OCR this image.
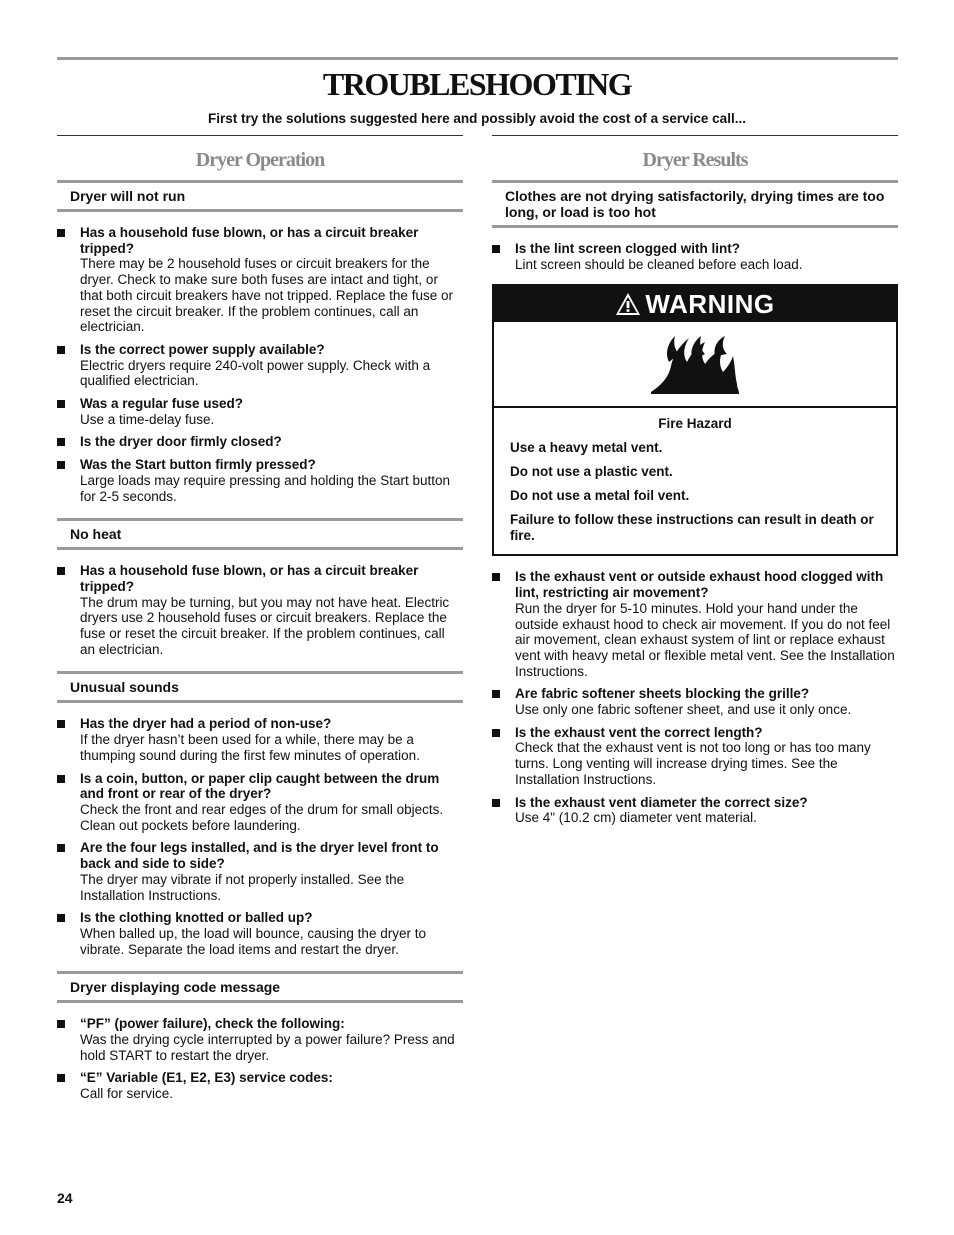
TROUBLESHOOTING
First try the solutions suggested here and possibly avoid the cost of a service call...
Dryer Operation
Dryer will not run
Has a household fuse blown, or has a circuit breaker tripped?
There may be 2 household fuses or circuit breakers for the dryer. Check to make sure both fuses are intact and tight, or that both circuit breakers have not tripped. Replace the fuse or reset the circuit breaker. If the problem continues, call an electrician.
Is the correct power supply available?
Electric dryers require 240-volt power supply. Check with a qualified electrician.
Was a regular fuse used?
Use a time-delay fuse.
Is the dryer door firmly closed?
Was the Start button firmly pressed?
Large loads may require pressing and holding the Start button for 2-5 seconds.
No heat
Has a household fuse blown, or has a circuit breaker tripped?
The drum may be turning, but you may not have heat. Electric dryers use 2 household fuses or circuit breakers. Replace the fuse or reset the circuit breaker. If the problem continues, call an electrician.
Unusual sounds
Has the dryer had a period of non-use?
If the dryer hasn’t been used for a while, there may be a thumping sound during the first few minutes of operation.
Is a coin, button, or paper clip caught between the drum and front or rear of the dryer?
Check the front and rear edges of the drum for small objects. Clean out pockets before laundering.
Are the four legs installed, and is the dryer level front to back and side to side?
The dryer may vibrate if not properly installed. See the Installation Instructions.
Is the clothing knotted or balled up?
When balled up, the load will bounce, causing the dryer to vibrate. Separate the load items and restart the dryer.
Dryer displaying code message
“PF” (power failure), check the following:
Was the drying cycle interrupted by a power failure? Press and hold START to restart the dryer.
“E” Variable (E1, E2, E3) service codes:
Call for service.
Dryer Results
Clothes are not drying satisfactorily, drying times are too long, or load is too hot
Is the lint screen clogged with lint?
Lint screen should be cleaned before each load.
WARNING
Fire Hazard

Use a heavy metal vent.

Do not use a plastic vent.

Do not use a metal foil vent.

Failure to follow these instructions can result in death or fire.

Is the exhaust vent or outside exhaust hood clogged with lint, restricting air movement?
Run the dryer for 5-10 minutes. Hold your hand under the outside exhaust hood to check air movement. If you do not feel air movement, clean exhaust system of lint or replace exhaust vent with heavy metal or flexible metal vent. See the Installation Instructions.
Are fabric softener sheets blocking the grille?
Use only one fabric softener sheet, and use it only once.
Is the exhaust vent the correct length?
Check that the exhaust vent is not too long or has too many turns. Long venting will increase drying times. See the Installation Instructions.
Is the exhaust vent diameter the correct size?
Use 4" (10.2 cm) diameter vent material.
24
